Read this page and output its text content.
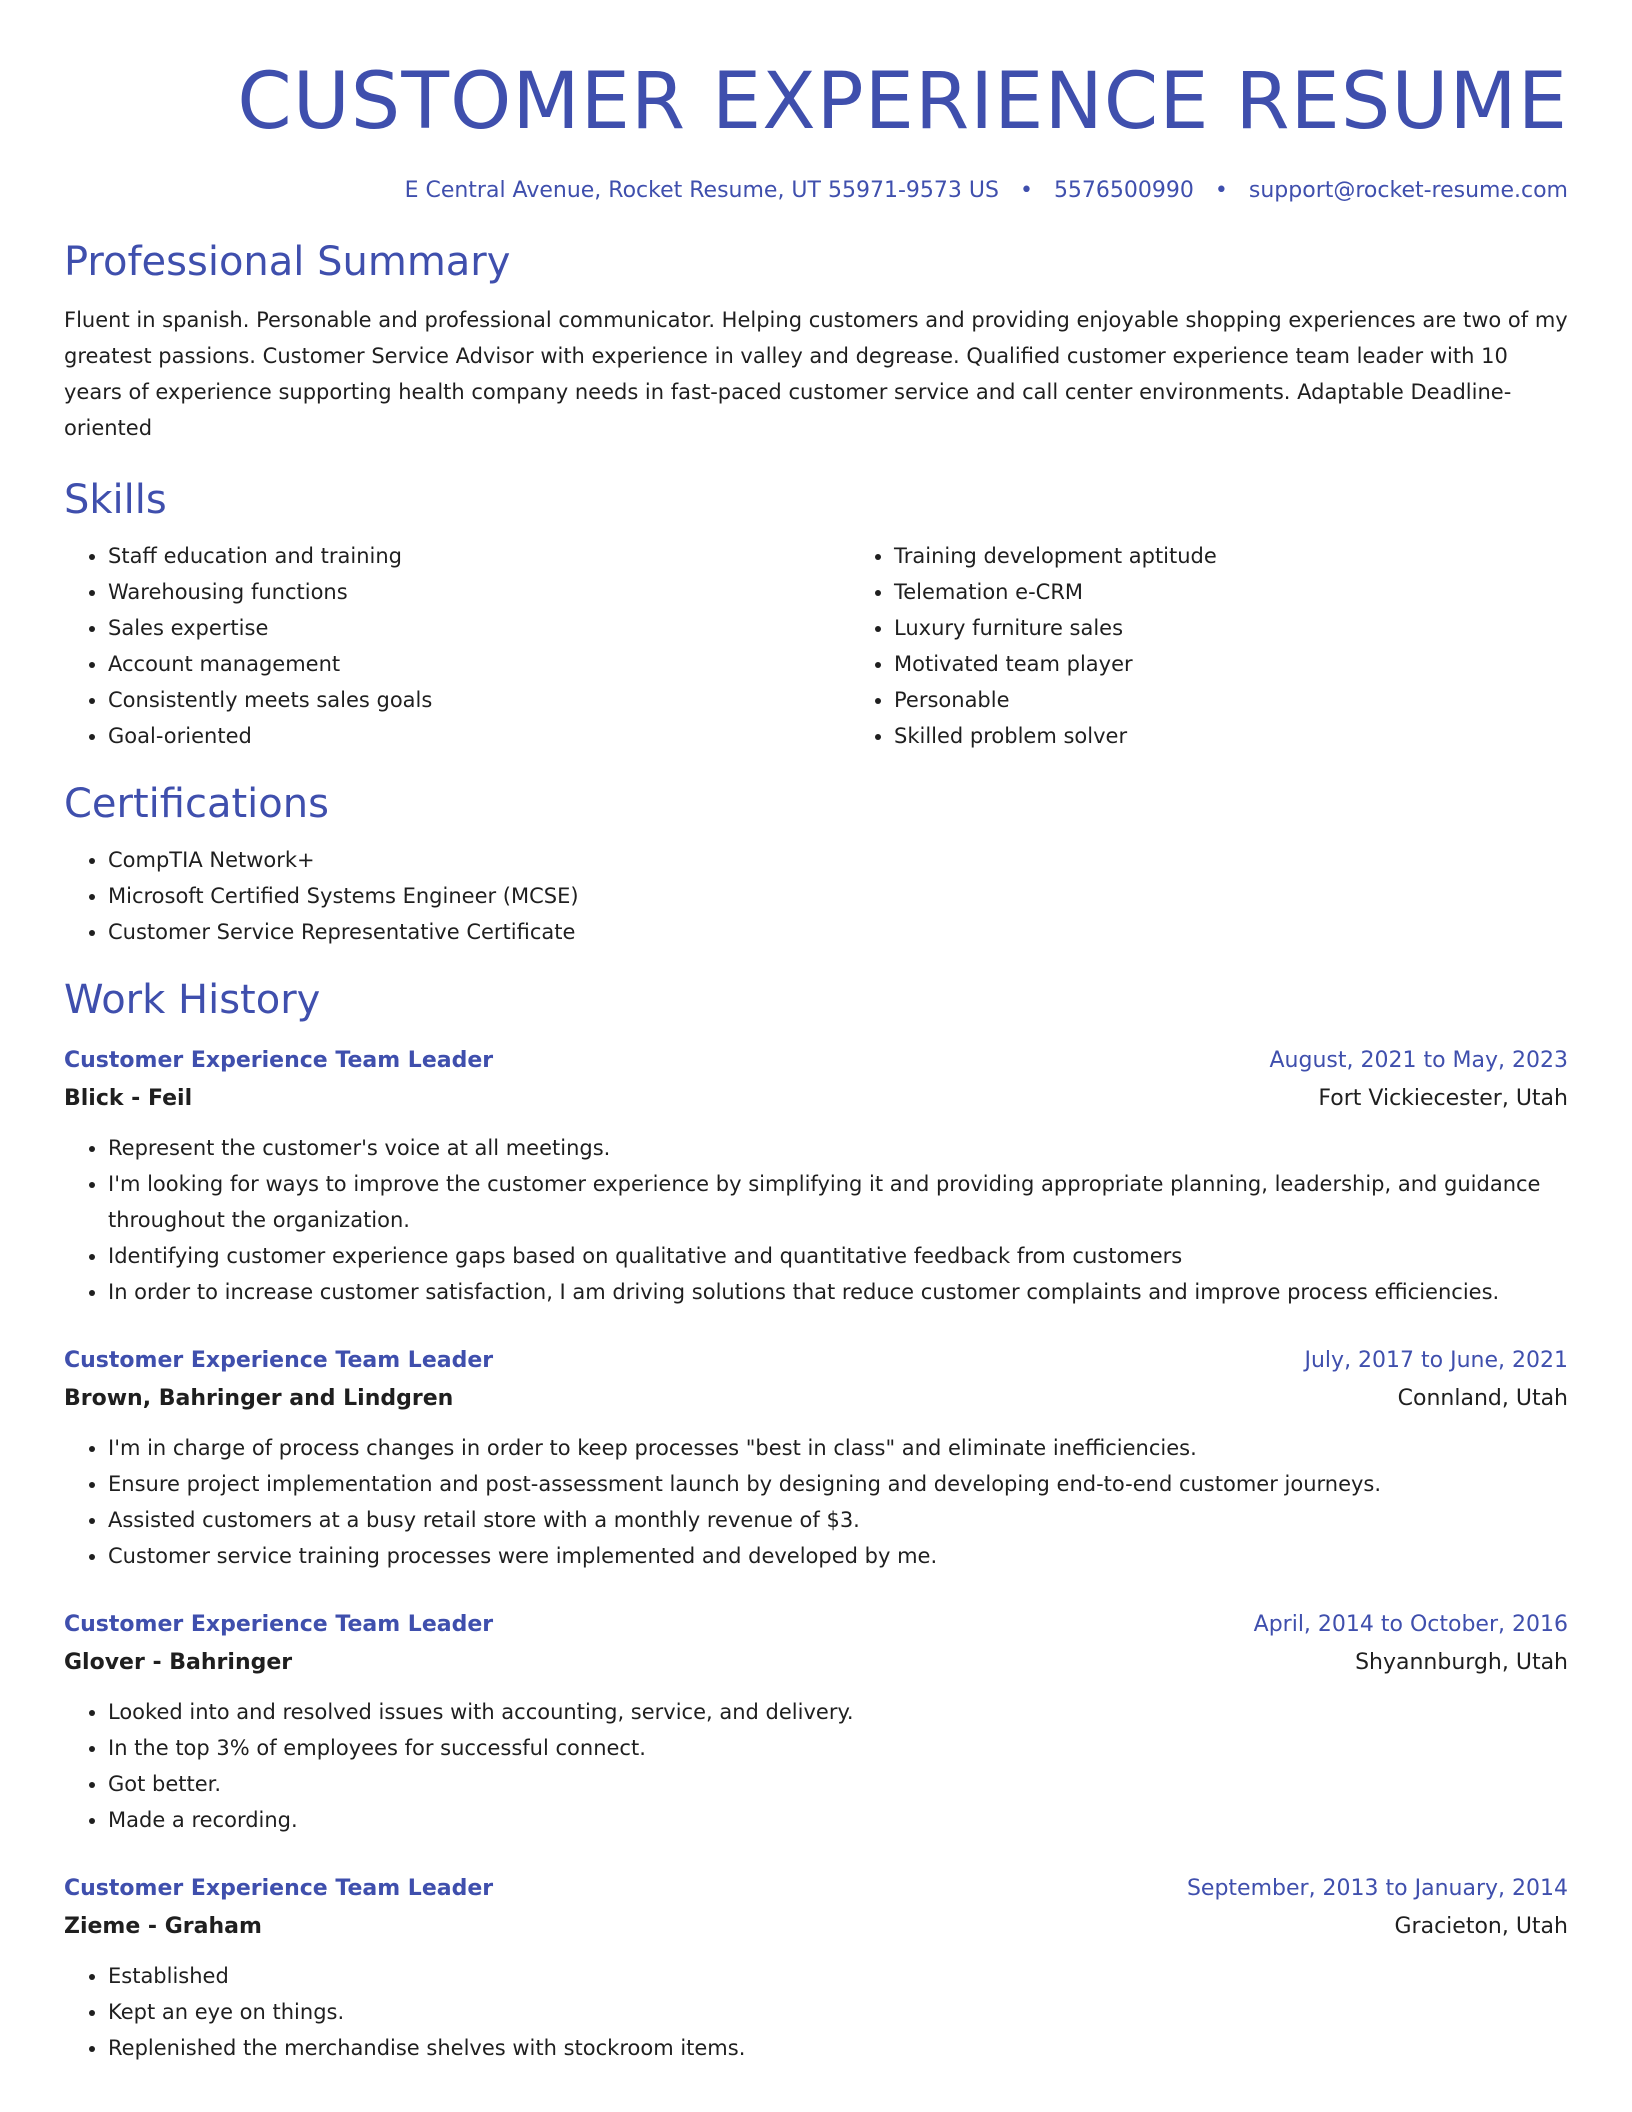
CUSTOMER EXPERIENCE RESUME
E Central Avenue, Rocket Resume, UT 55971-9573 US • 5576500990 • support@rocket-resume.com
Professional Summary

Fluent in spanish. Personable and professional communicator. Helping customers and providing enjoyable shopping experiences are two of my greatest passions. Customer Service Advisor with experience in valley and degrease. Qualified customer experience team leader with 10 years of experience supporting health company needs in fast-paced customer service and call center environments. Adaptable Deadline-oriented

Skills
• Staff education and training
• Warehousing functions
• Sales expertise
• Account management
• Consistently meets sales goals
• Goal-oriented
• Training development aptitude
• Telemation e-CRM
• Luxury furniture sales
• Motivated team player
• Personable
• Skilled problem solver
Certifications
• CompTIA Network+
• Microsoft Certified Systems Engineer (MCSE)
• Customer Service Representative Certificate
Work History
Customer Experience Team Leader	August, 2021 to May, 2023
Blick - Feil	Fort Vickiecester, Utah
• Represent the customer's voice at all meetings.
• I'm looking for ways to improve the customer experience by simplifying it and providing appropriate planning, leadership, and guidance throughout the organization.
• Identifying customer experience gaps based on qualitative and quantitative feedback from customers
• In order to increase customer satisfaction, I am driving solutions that reduce customer complaints and improve process efficiencies.
Customer Experience Team Leader	July, 2017 to June, 2021
Brown, Bahringer and Lindgren	Connland, Utah
• I'm in charge of process changes in order to keep processes "best in class" and eliminate inefficiencies.
• Ensure project implementation and post-assessment launch by designing and developing end-to-end customer journeys.
• Assisted customers at a busy retail store with a monthly revenue of $3.
• Customer service training processes were implemented and developed by me.
Customer Experience Team Leader	April, 2014 to October, 2016
Glover - Bahringer	Shyannburgh, Utah
• Looked into and resolved issues with accounting, service, and delivery.
• In the top 3% of employees for successful connect.
• Got better.
• Made a recording.
Customer Experience Team Leader	September, 2013 to January, 2014
Zieme - Graham	Gracieton, Utah
• Established
• Kept an eye on things.
• Replenished the merchandise shelves with stockroom items.
